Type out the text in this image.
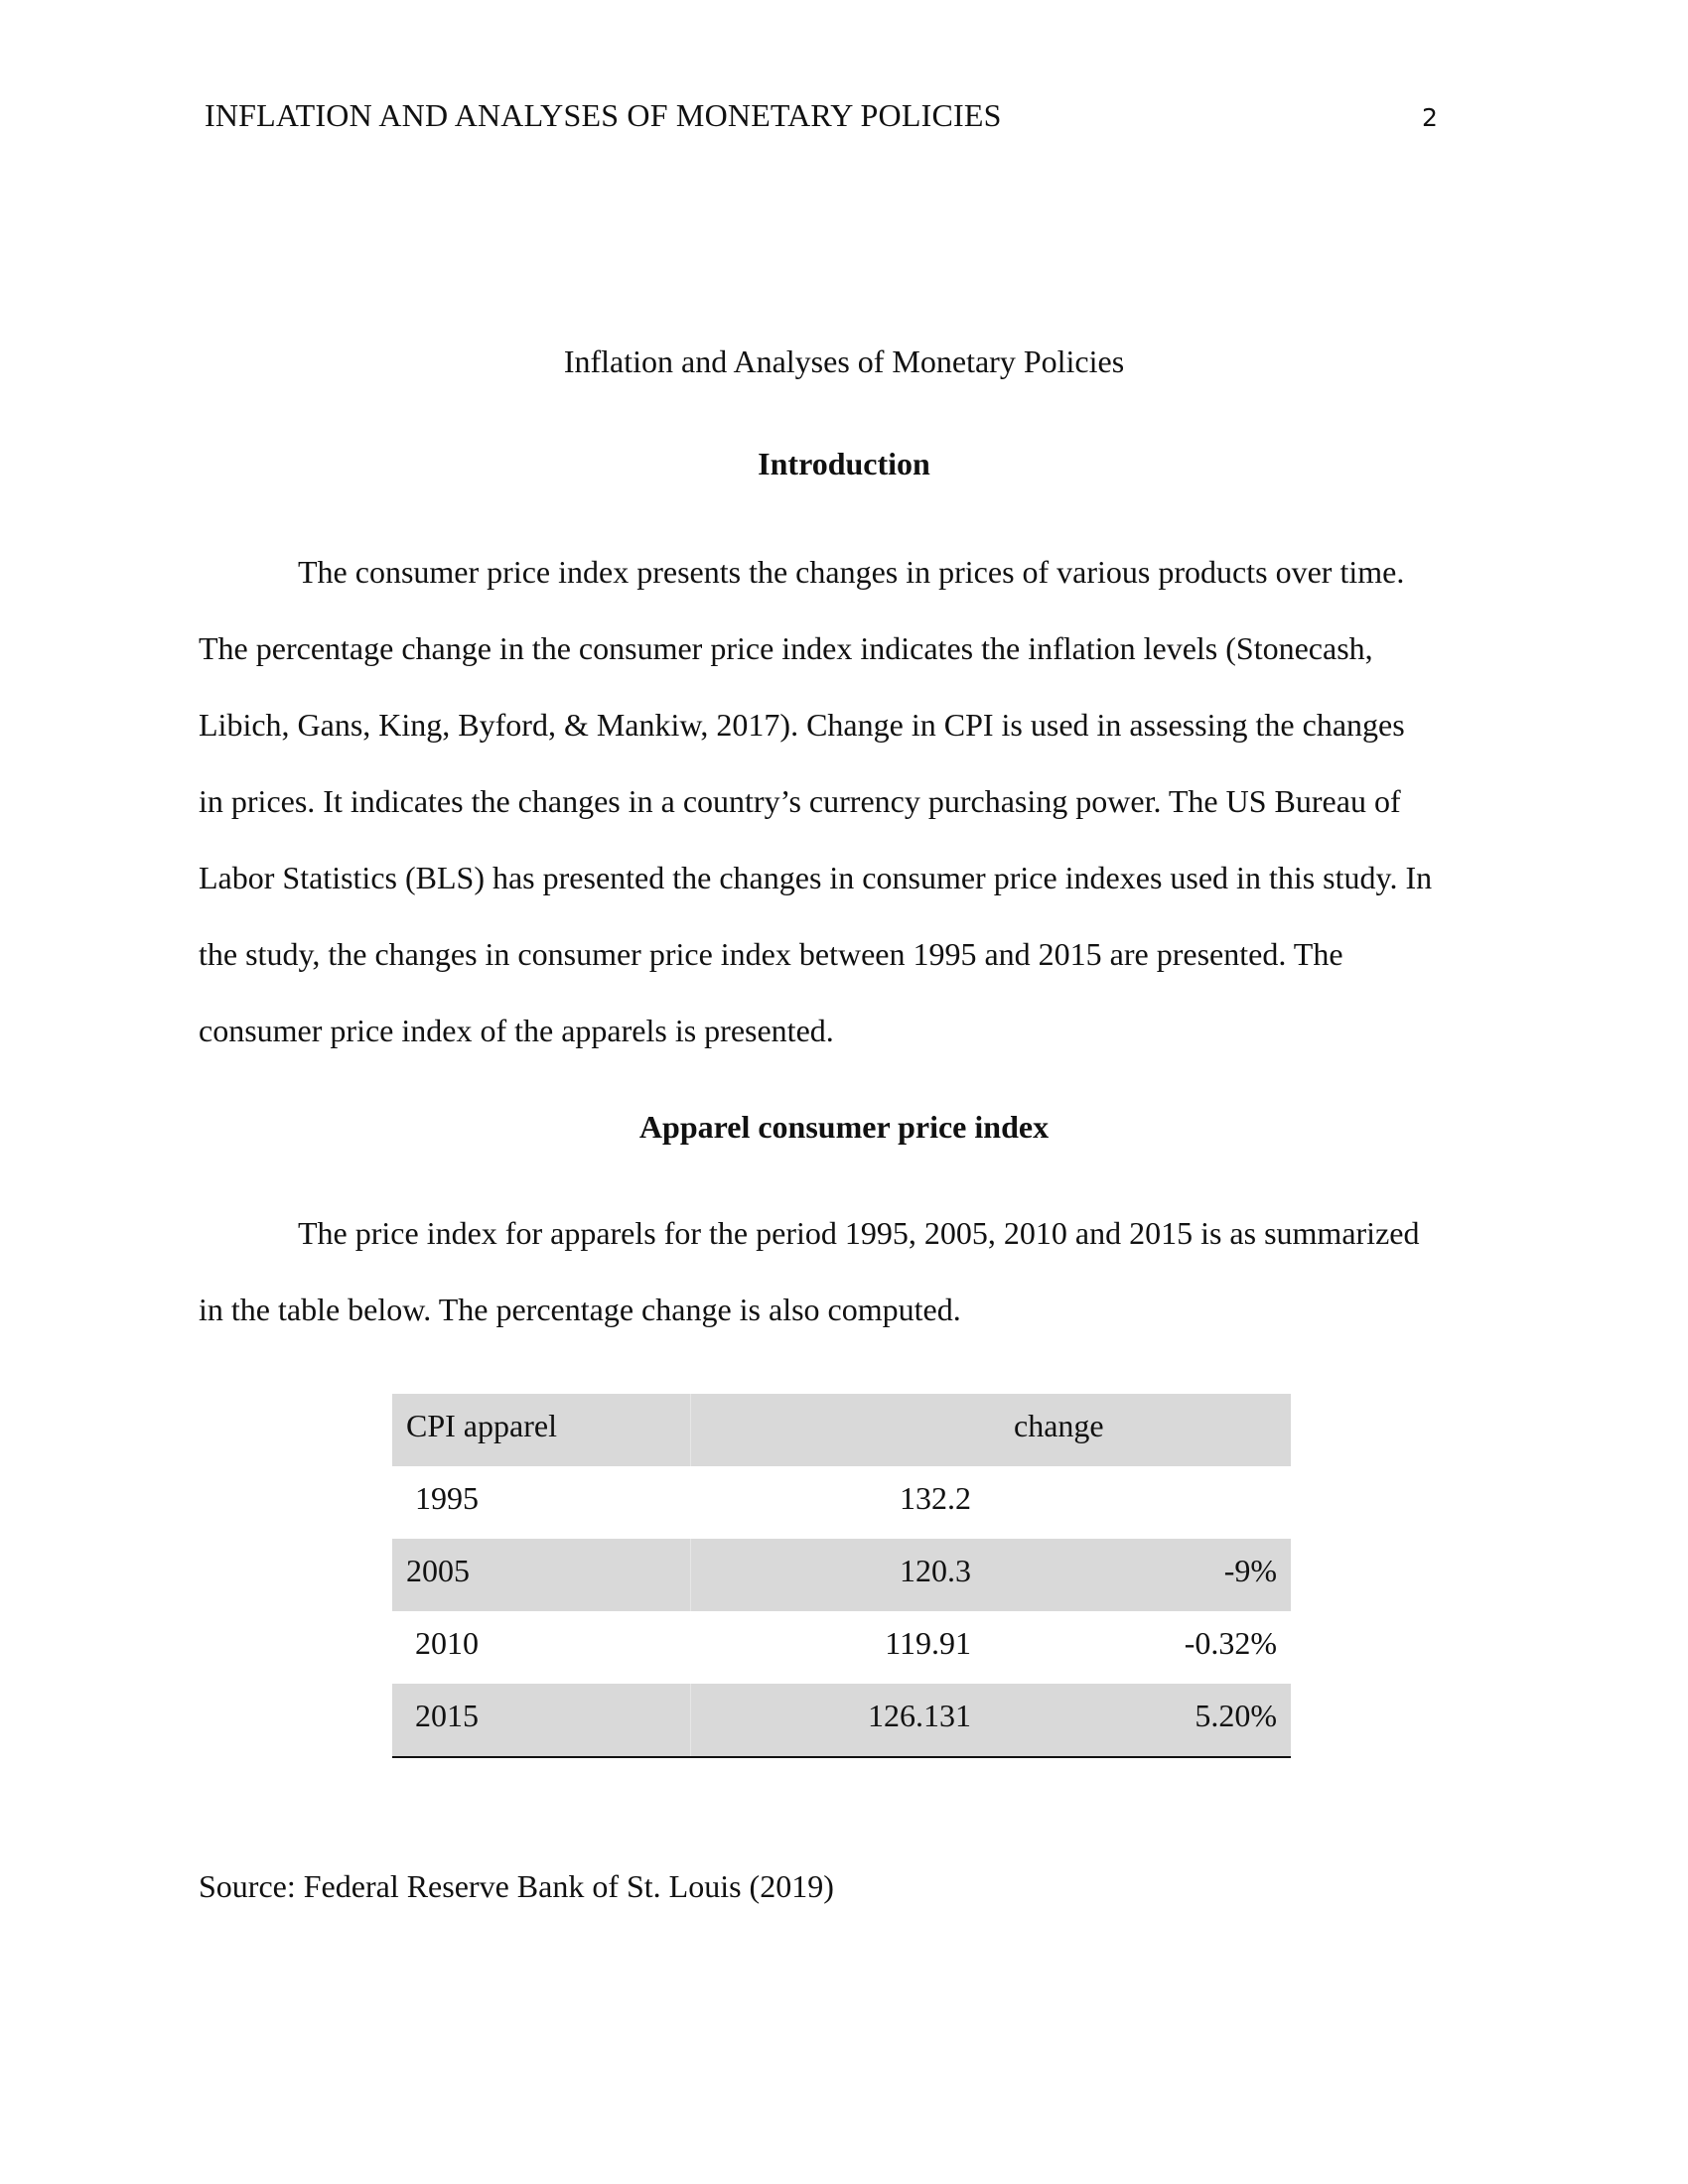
INFLATION AND ANALYSES OF MONETARY POLICIES	2
Inflation and Analyses of Monetary Policies
Introduction
The consumer price index presents the changes in prices of various products over time.
The percentage change in the consumer price index indicates the inflation levels (Stonecash,
Libich, Gans, King, Byford, & Mankiw, 2017). Change in CPI is used in assessing the changes
in prices. It indicates the changes in a country’s currency purchasing power. The US Bureau of
Labor Statistics (BLS) has presented the changes in consumer price indexes used in this study. In
the study, the changes in consumer price index between 1995 and 2015 are presented. The
consumer price index of the apparels is presented.
Apparel consumer price index
The price index for apparels for the period 1995, 2005, 2010 and 2015 is as summarized
in the table below. The percentage change is also computed.
CPI apparel	change
1995	132.2
2005	120.3	-9%
2010	119.91	-0.32%
2015	126.131	5.20%
Source: Federal Reserve Bank of St. Louis (2019)
